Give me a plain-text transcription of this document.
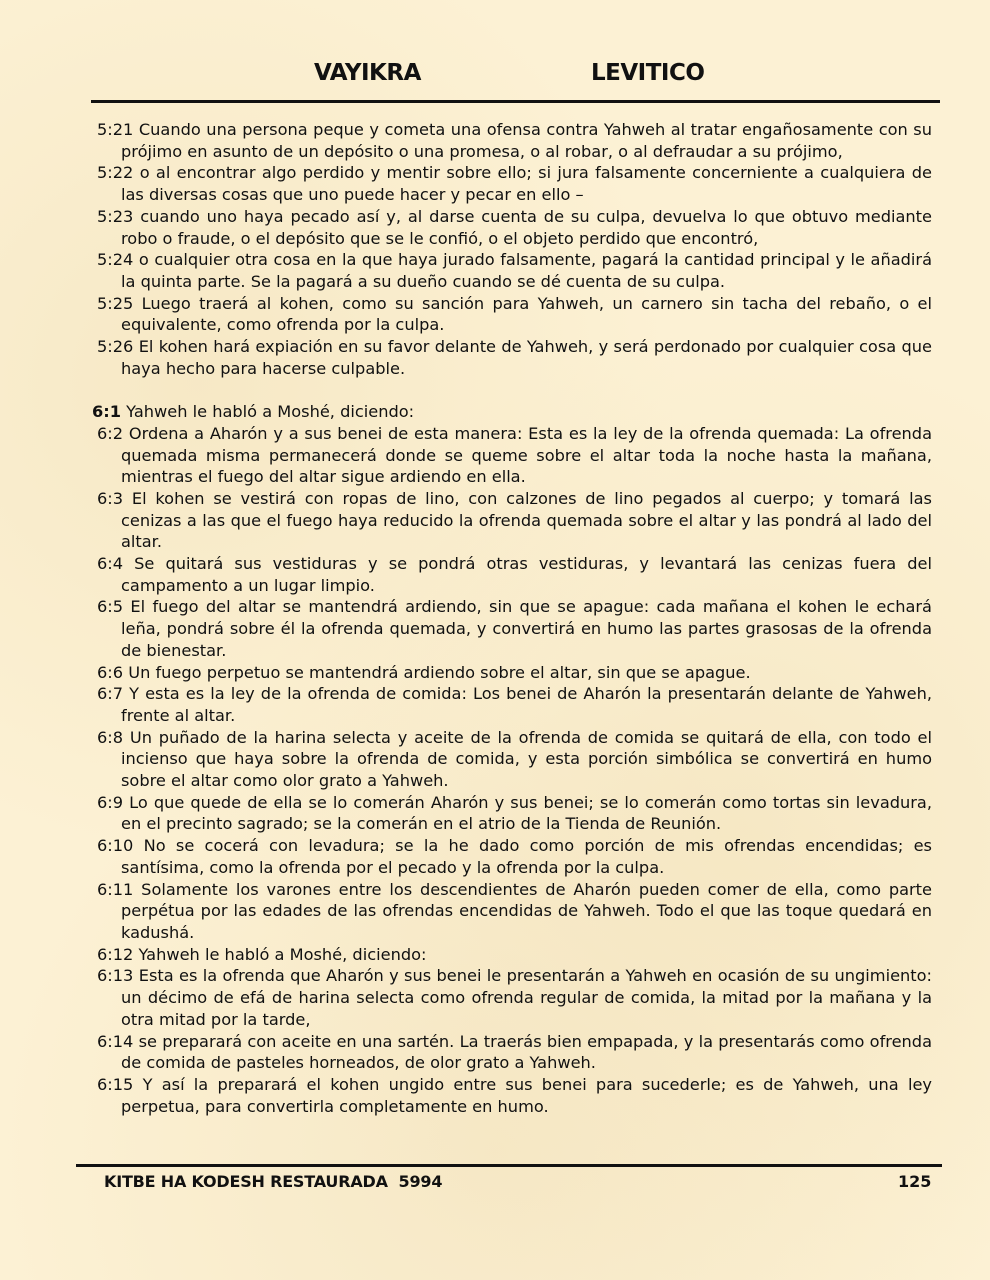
VAYIKRA	LEVITICO
5:21 Cuando una persona peque y cometa una ofensa contra Yahweh al tratar engañosamente con su prójimo en asunto de un depósito o una promesa, o al robar, o al defraudar a su prójimo,
5:22 o al encontrar algo perdido y mentir sobre ello; si jura falsamente concerniente a cualquiera de las diversas cosas que uno puede hacer y pecar en ello –
5:23 cuando uno haya pecado así y, al darse cuenta de su culpa, devuelva lo que obtuvo mediante robo o fraude, o el depósito que se le confió, o el objeto perdido que encontró,
5:24 o cualquier otra cosa en la que haya jurado falsamente, pagará la cantidad principal y le añadirá la quinta parte. Se la pagará a su dueño cuando se dé cuenta de su culpa.
5:25 Luego traerá al kohen, como su sanción para Yahweh, un carnero sin tacha del rebaño, o el equivalente, como ofrenda por la culpa.
5:26 El kohen hará expiación en su favor delante de Yahweh, y será perdonado por cualquier cosa que haya hecho para hacerse culpable.
6:1 Yahweh le habló a Moshé, diciendo:
6:2 Ordena a Aharón y a sus benei de esta manera: Esta es la ley de la ofrenda quemada: La ofrenda quemada misma permanecerá donde se queme sobre el altar toda la noche hasta la mañana, mientras el fuego del altar sigue ardiendo en ella.
6:3 El kohen se vestirá con ropas de lino, con calzones de lino pegados al cuerpo; y tomará las cenizas a las que el fuego haya reducido la ofrenda quemada sobre el altar y las pondrá al lado del altar.
6:4 Se quitará sus vestiduras y se pondrá otras vestiduras, y levantará las cenizas fuera del campamento a un lugar limpio.
6:5 El fuego del altar se mantendrá ardiendo, sin que se apague: cada mañana el kohen le echará leña, pondrá sobre él la ofrenda quemada, y convertirá en humo las partes grasosas de la ofrenda de bienestar.
6:6 Un fuego perpetuo se mantendrá ardiendo sobre el altar, sin que se apague.
6:7 Y esta es la ley de la ofrenda de comida: Los benei de Aharón la presentarán delante de Yahweh, frente al altar.
6:8 Un puñado de la harina selecta y aceite de la ofrenda de comida se quitará de ella, con todo el incienso que haya sobre la ofrenda de comida, y esta porción simbólica se convertirá en humo sobre el altar como olor grato a Yahweh.
6:9 Lo que quede de ella se lo comerán Aharón y sus benei; se lo comerán como tortas sin levadura, en el precinto sagrado; se la comerán en el atrio de la Tienda de Reunión.
6:10 No se cocerá con levadura; se la he dado como porción de mis ofrendas encendidas; es santísima, como la ofrenda por el pecado y la ofrenda por la culpa.
6:11 Solamente los varones entre los descendientes de Aharón pueden comer de ella, como parte perpétua por las edades de las ofrendas encendidas de Yahweh. Todo el que las toque quedará en kadushá.
6:12 Yahweh le habló a Moshé, diciendo:
6:13 Esta es la ofrenda que Aharón y sus benei le presentarán a Yahweh en ocasión de su ungimiento: un décimo de efá de harina selecta como ofrenda regular de comida, la mitad por la mañana y la otra mitad por la tarde,
6:14 se preparará con aceite en una sartén. La traerás bien empapada, y la presentarás como ofrenda de comida de pasteles horneados, de olor grato a Yahweh.
6:15 Y así la preparará el kohen ungido entre sus benei para sucederle; es de Yahweh, una ley perpetua, para convertirla completamente en humo.
KITBE HA KODESH RESTAURADA  5994	125
